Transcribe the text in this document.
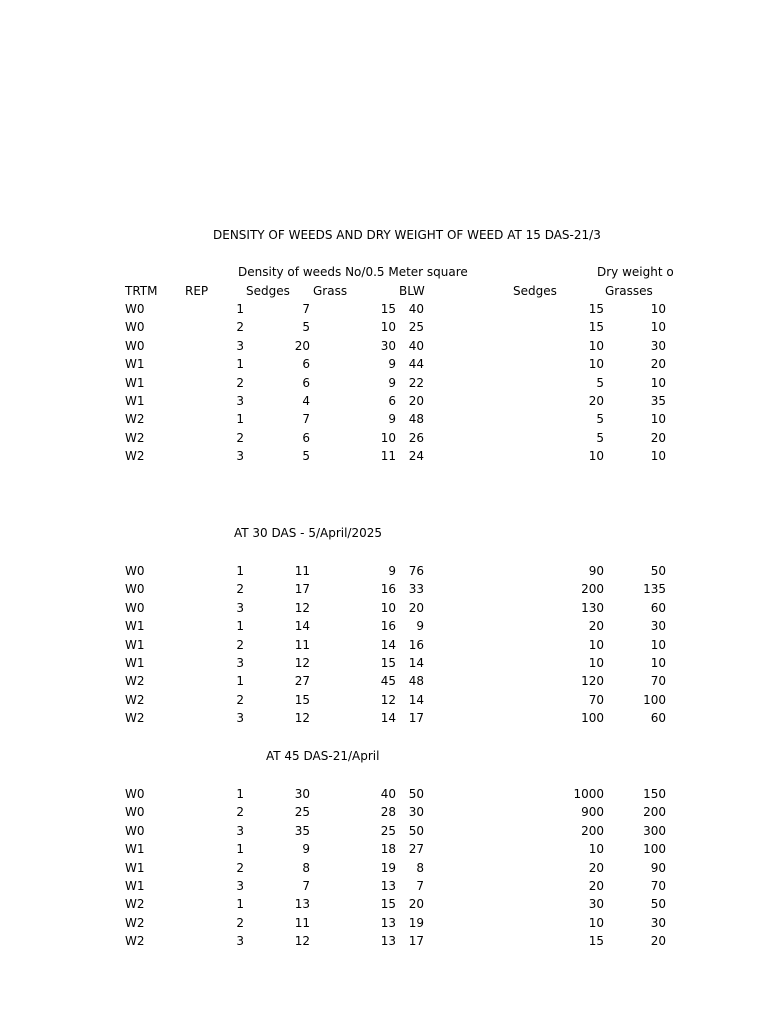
DENSITY OF WEEDS AND DRY WEIGHT OF WEED AT 15 DAS-21/3
Density of weeds No/0.5 Meter square	Dry weight o
TRTM REP	Sedges Grass	BLW	Sedges	Grasses
AT 30 DAS - 5/April/2025
AT 45 DAS-21/April
W0	1	7	15	40	15	10
W0	2	5	10	25	15	10
W0	3	20	30	40	10	30
W1	1	6	9	44	10	20
W1	2	6	9	22	5	10
W1	3	4	6	20	20	35
W2	1	7	9	48	5	10
W2	2	6	10	26	5	20
W2	3	5	11	24	10	10
W0	1	11	9	76	90	50
W0	2	17	16	33	200	135
W0	3	12	10	20	130	60
W1	1	14	16	9	20	30
W1	2	11	14	16	10	10
W1	3	12	15	14	10	10
W2	1	27	45	48	120	70
W2	2	15	12	14	70	100
W2	3	12	14	17	100	60
W0	1	30	40	50	1000	150
W0	2	25	28	30	900	200
W0	3	35	25	50	200	300
W1	1	9	18	27	10	100
W1	2	8	19	8	20	90
W1	3	7	13	7	20	70
W2	1	13	15	20	30	50
W2	2	11	13	19	10	30
W2	3	12	13	17	15	20
